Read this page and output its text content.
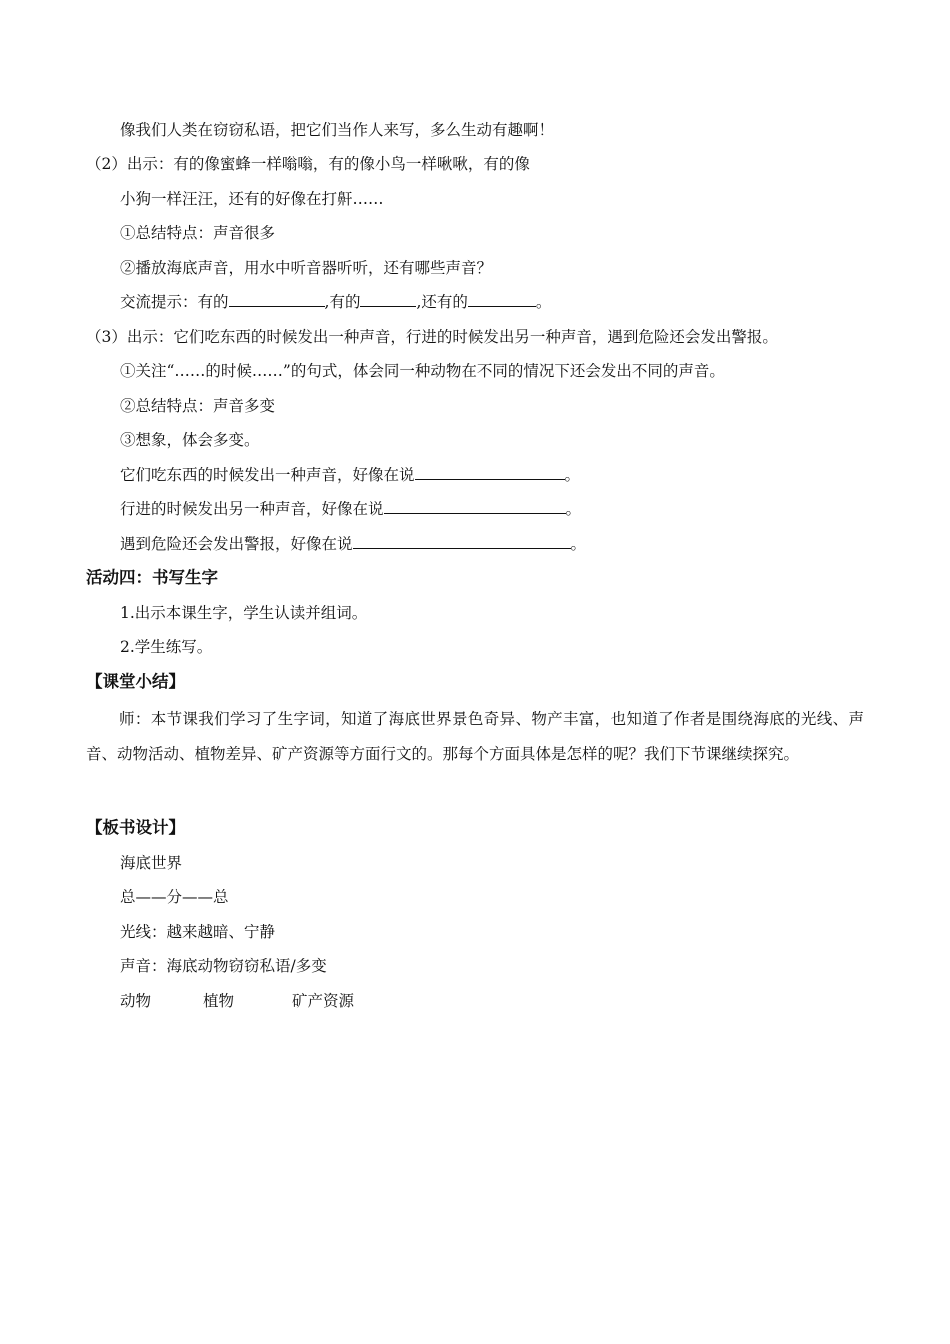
像我们人类在窃窃私语，把它们当作人来写，多么生动有趣啊！
（2）出示：有的像蜜蜂一样嗡嗡，有的像小鸟一样啾啾，有的像
小狗一样汪汪，还有的好像在打鼾……
①总结特点：声音很多
②播放海底声音，用水中听音器听听，还有哪些声音？
交流提示：有的	,有的	,还有的	。
（3）出示：它们吃东西的时候发出一种声音，行进的时候发出另一种声音，遇到危险还会发出警报。
①关注“……的时候……”的句式，体会同一种动物在不同的情况下还会发出不同的声音。
②总结特点：声音多变
③想象，体会多变。
它们吃东西的时候发出一种声音，好像在说	。
行进的时候发出另一种声音，好像在说	。
遇到危险还会发出警报，好像在说	。
活动四：书写生字
1.出示本课生字，学生认读并组词。
2.学生练写。
【课堂小结】
师：本节课我们学习了生字词，知道了海底世界景色奇异、物产丰富，也知道了作者是围绕海底的光线、声音、动物活动、植物差异、矿产资源等方面行文的。那每个方面具体是怎样的呢？我们下节课继续探究。
【板书设计】
海底世界
总——分——总
光线：越来越暗、宁静
声音：海底动物窃窃私语/多变
动物	植物	矿产资源
